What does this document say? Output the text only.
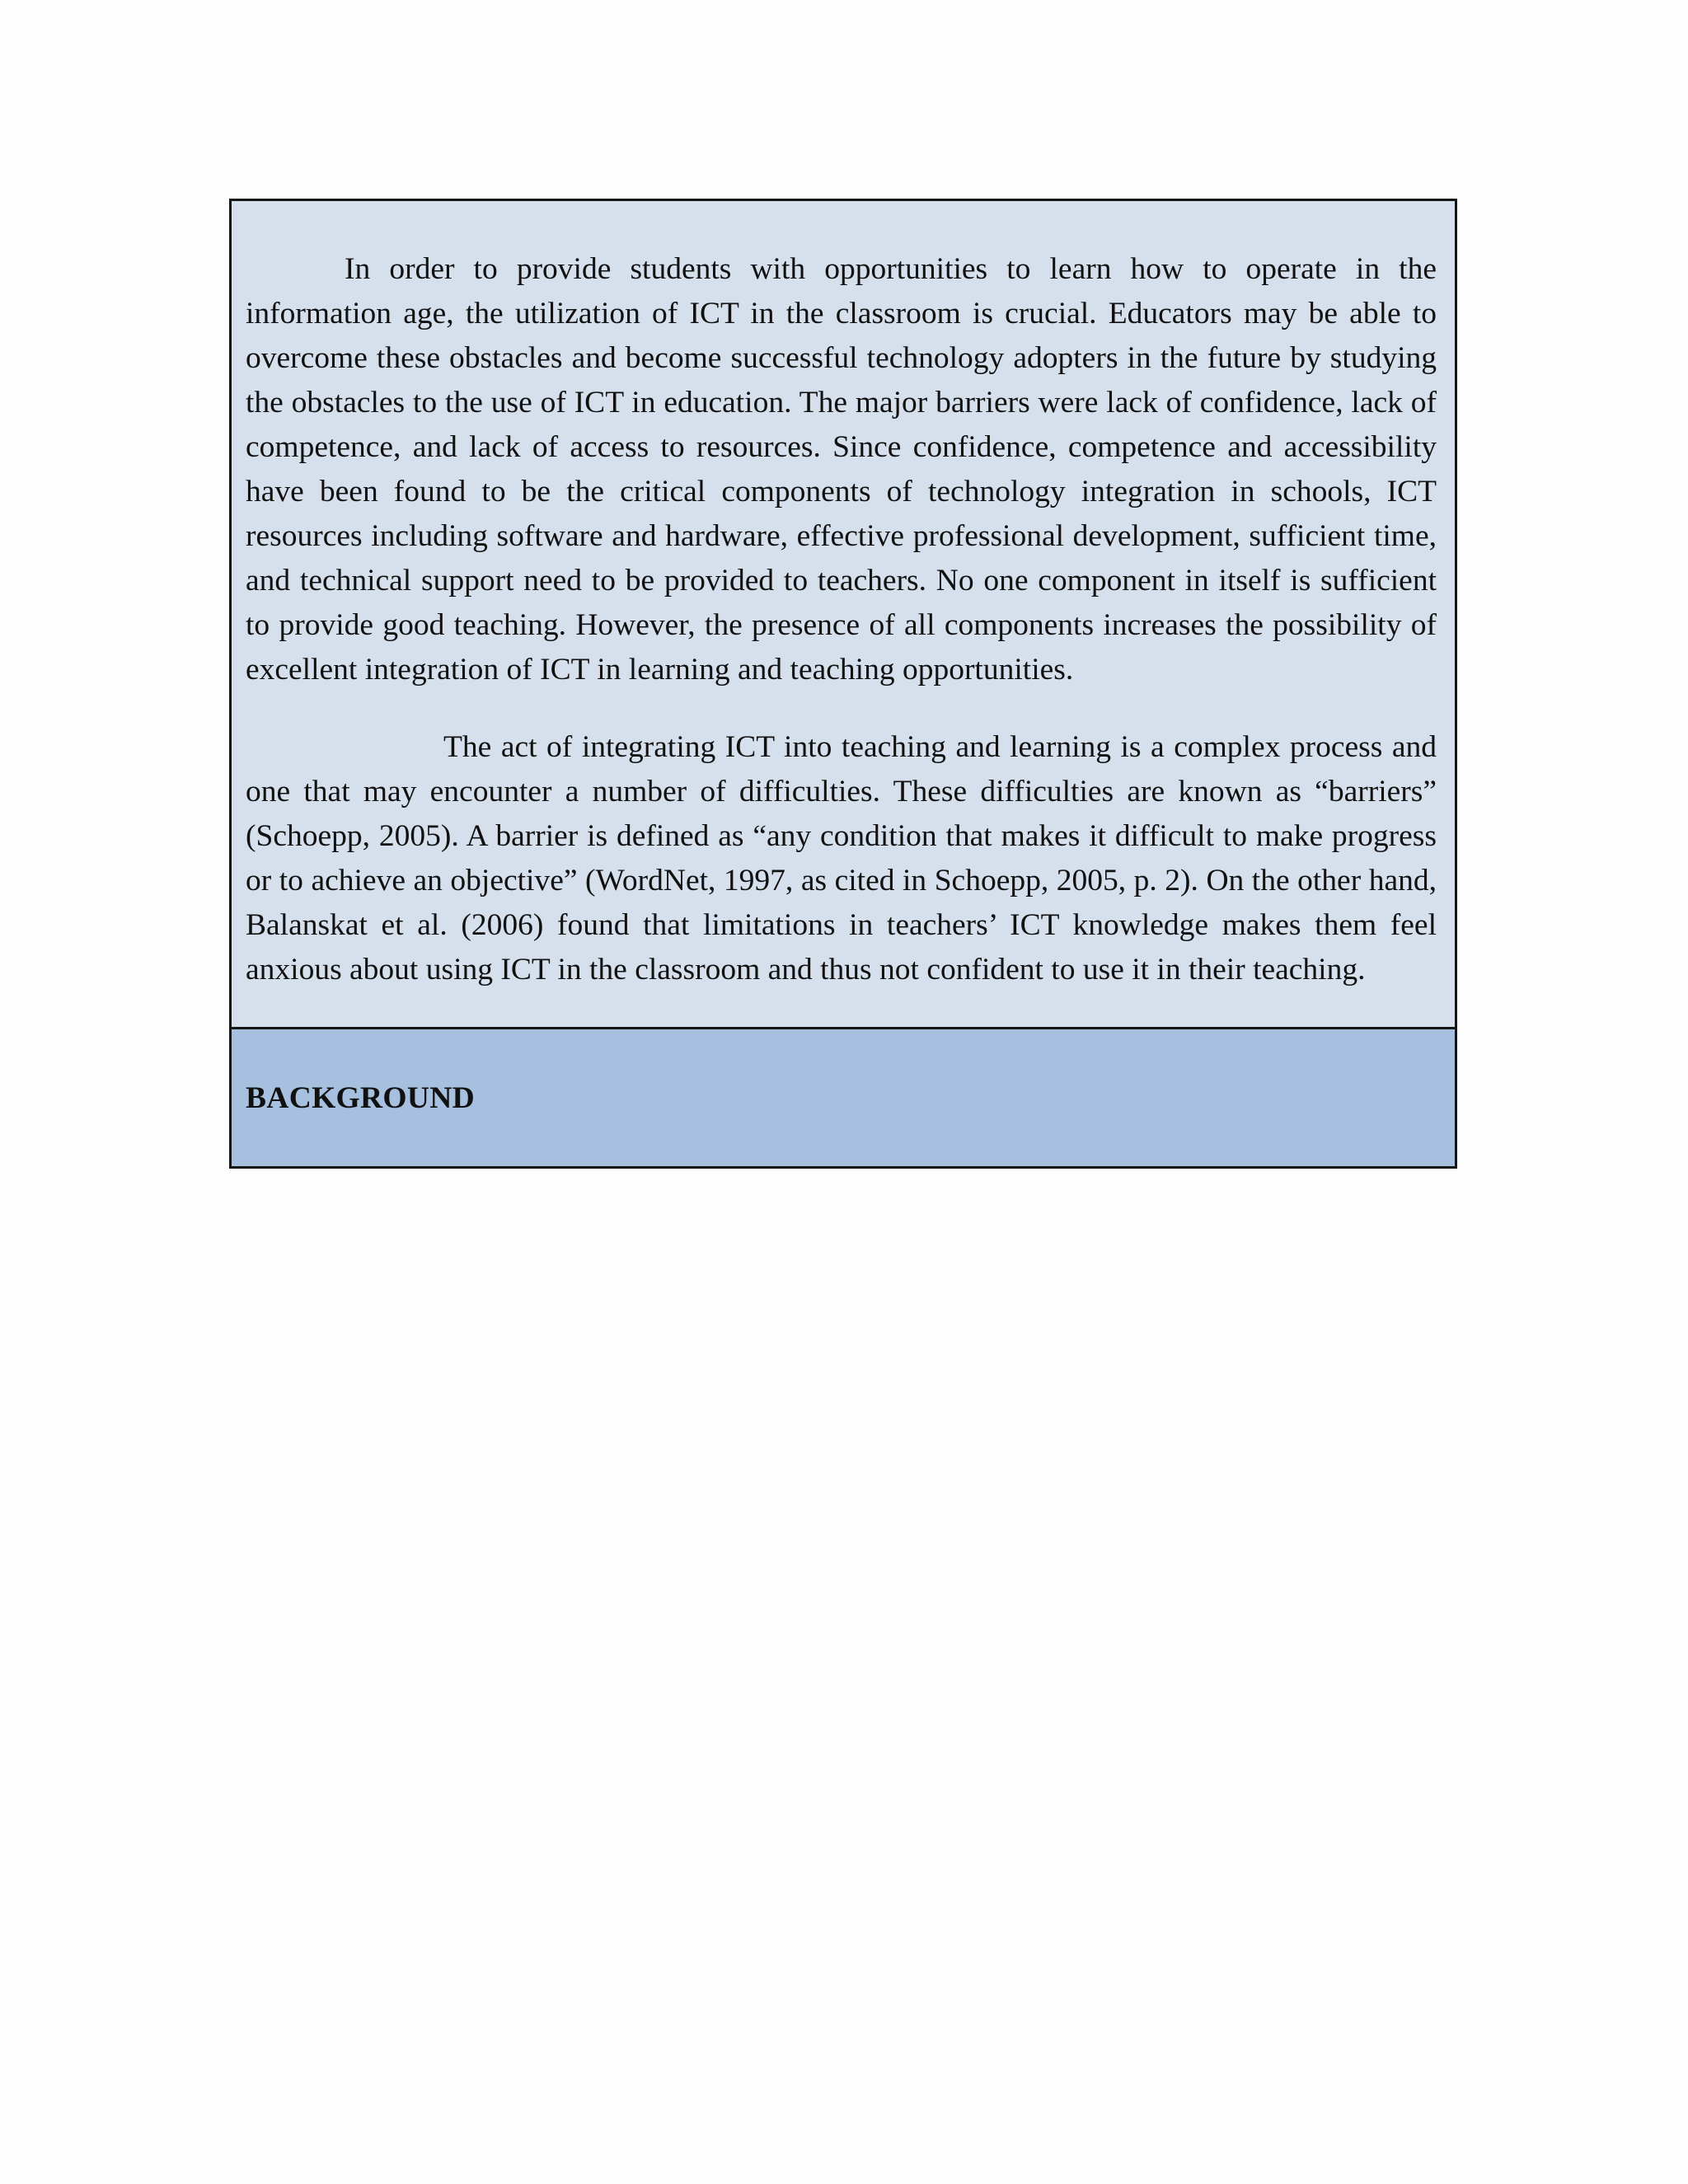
In order to provide students with opportunities to learn how to operate in the information age, the utilization of ICT in the classroom is crucial. Educators may be able to overcome these obstacles and become successful technology adopters in the future by studying the obstacles to the use of ICT in education. The major barriers were lack of confidence, lack of competence, and lack of access to resources. Since confidence, competence and accessibility have been found to be the critical components of technology integration in schools, ICT resources including software and hardware, effective professional development, sufficient time, and technical support need to be provided to teachers. No one component in itself is sufficient to provide good teaching. However, the presence of all components increases the possibility of excellent integration of ICT in learning and teaching opportunities.

The act of integrating ICT into teaching and learning is a complex process and one that may encounter a number of difficulties. These difficulties are known as “barriers” (Schoepp, 2005). A barrier is defined as “any condition that makes it difficult to make progress or to achieve an objective” (WordNet, 1997, as cited in Schoepp, 2005, p. 2). On the other hand, Balanskat et al. (2006) found that limitations in teachers’ ICT knowledge makes them feel anxious about using ICT in the classroom and thus not confident to use it in their teaching.

BACKGROUND
